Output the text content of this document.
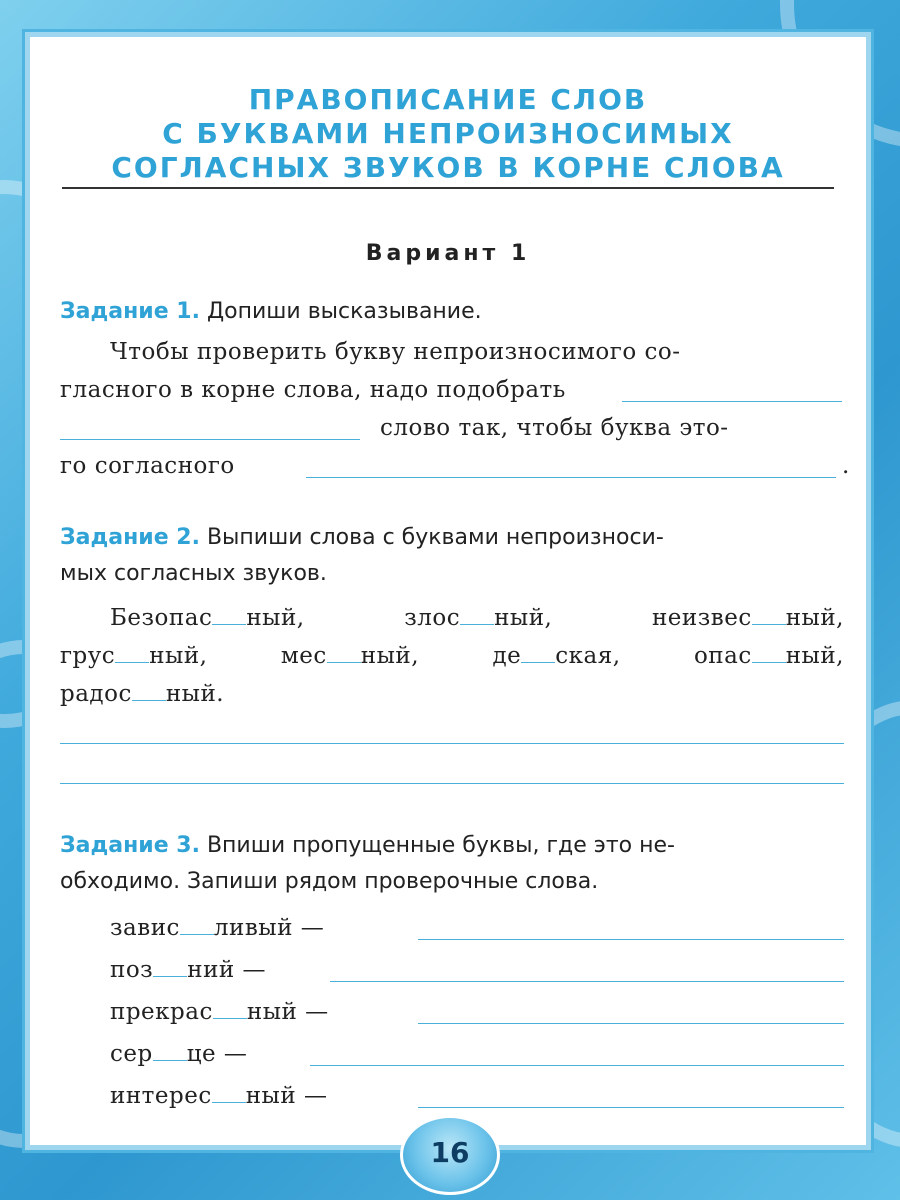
ПРАВОПИСАНИЕ СЛОВ
С БУКВАМИ НЕПРОИЗНОСИМЫХ
СОГЛАСНЫХ ЗВУКОВ В КОРНЕ СЛОВА
Вариант 1
Задание 1. Допиши высказывание.
Чтобы проверить букву непроизносимого со-
гласного в корне слова, надо подобрать
слово так, чтобы буква это-
го согласного	.
Задание 2. Выпиши слова с буквами непроизноси-
мых согласных звуков.
Безопас ный,	злос ный,	неизвес ный,
грус ный,	мес ный,	де ская,	опас ный,
радос ный.
Задание 3. Впиши пропущенные буквы, где это не-
обходимо. Запиши рядом проверочные слова.
завис ливый —
поз ний —
прекрас ный —
сер це —
интерес ный —
16
